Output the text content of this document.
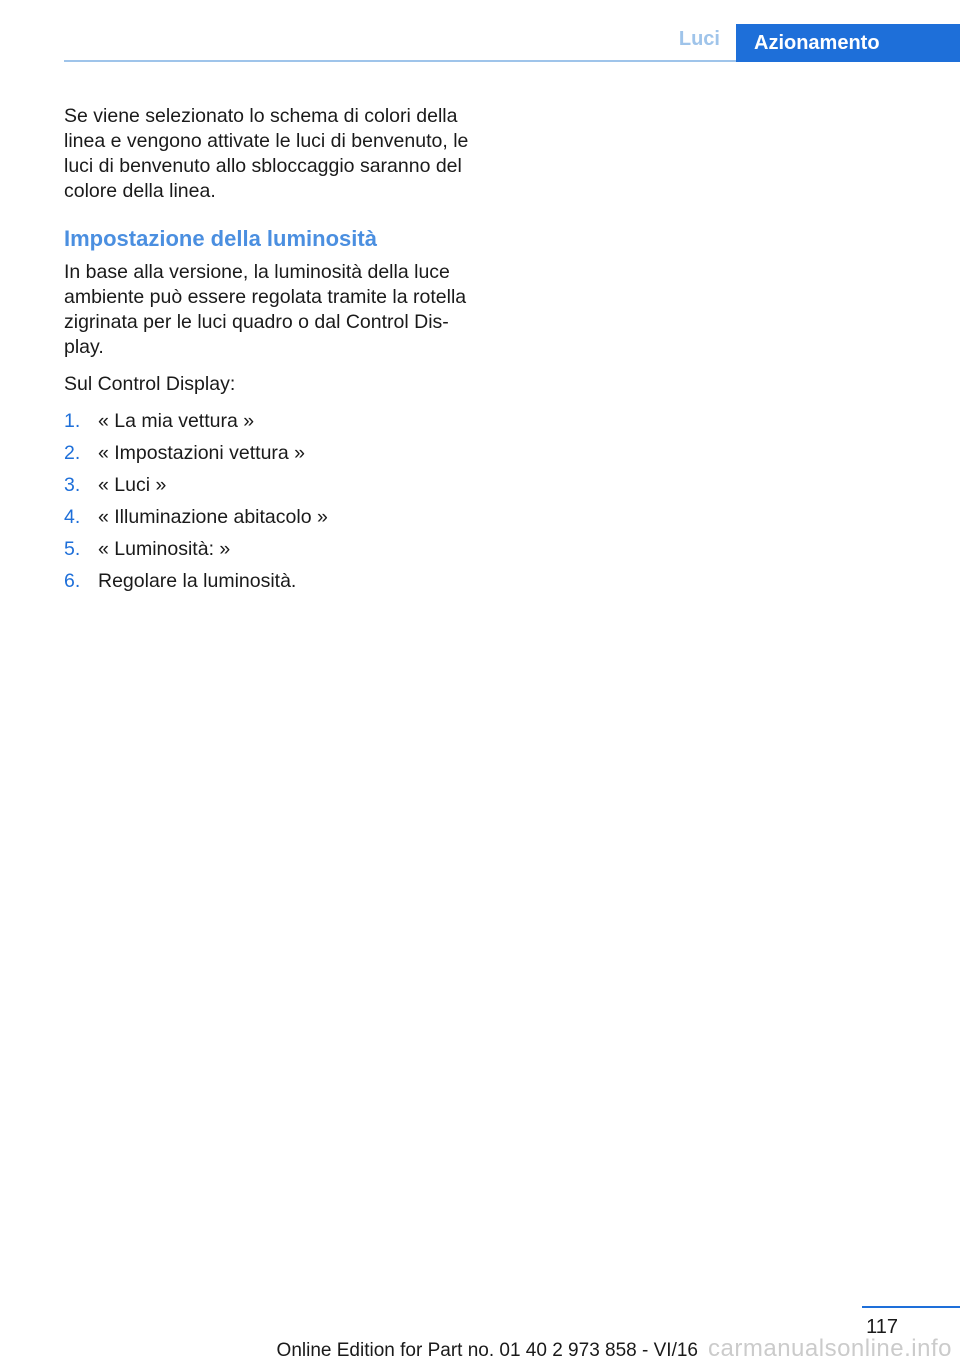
Luci	Azionamento

Se viene selezionato lo schema di colori della linea e vengono attivate le luci di benvenuto, le luci di benvenuto allo sbloccaggio saranno del colore della linea.

Impostazione della luminosità

In base alla versione, la luminosità della luce ambiente può essere regolata tramite la rotella zigrinata per le luci quadro o dal Control Dis‐ play.

Sul Control Display:

1. « La mia vettura »
2. « Impostazioni vettura »
3. « Luci »
4. « Illuminazione abitacolo »
5. « Luminosità: »
6. Regolare la luminosità.
117
Online Edition for Part no. 01 40 2 973 858 - VI/16 carmanualsonline.info
